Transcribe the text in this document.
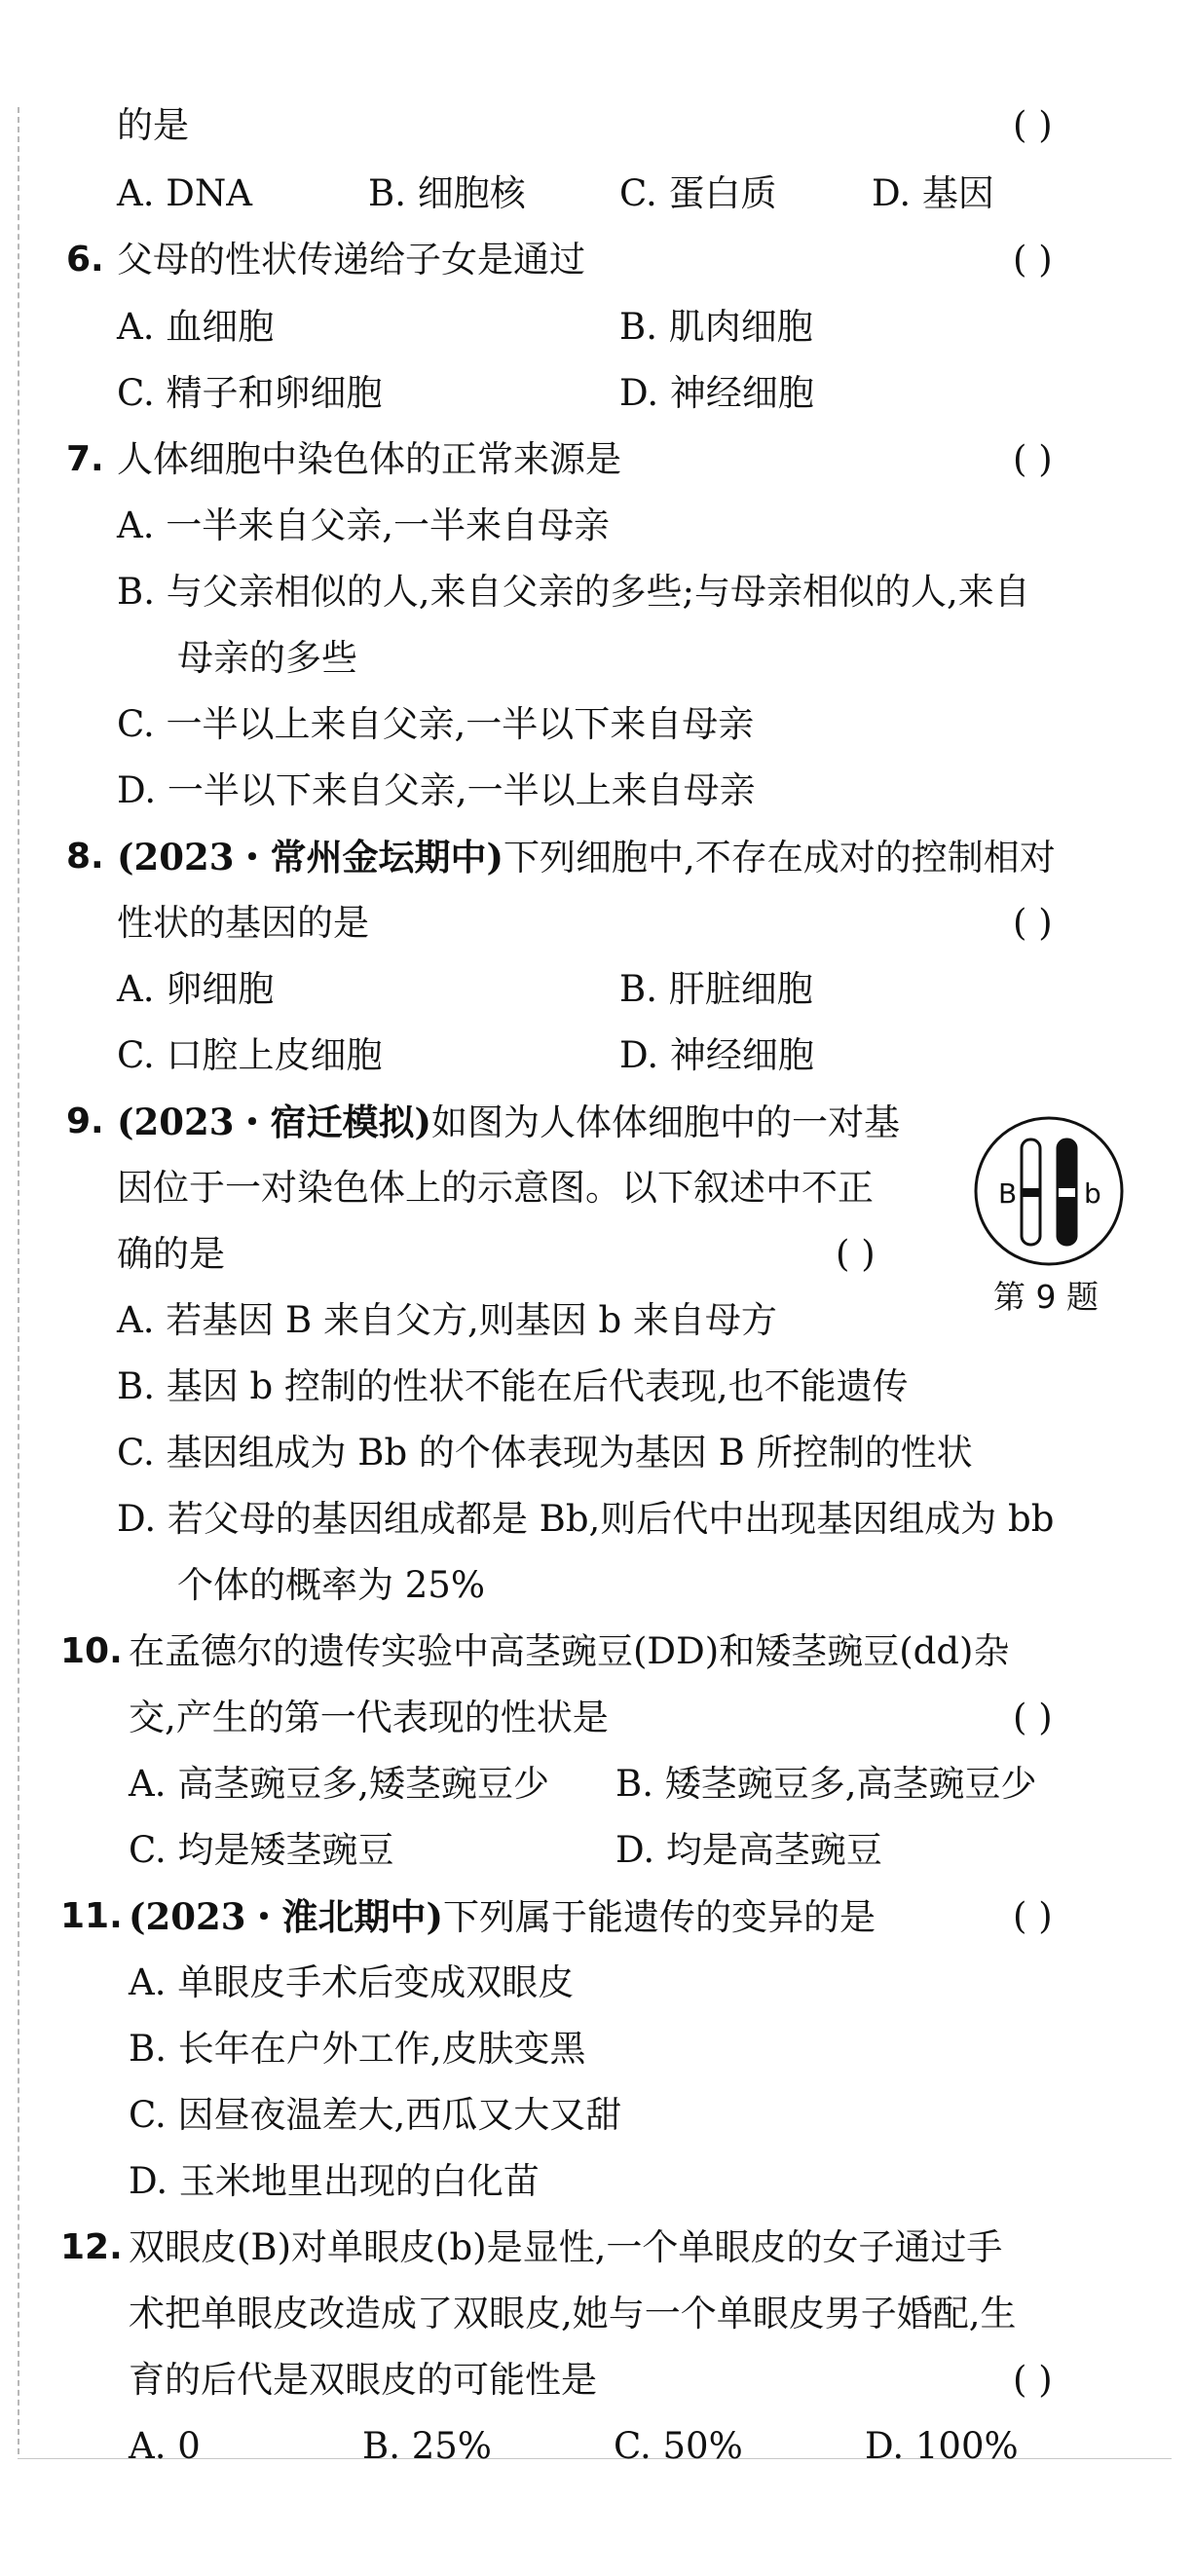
的是	( )
A. DNA	B. 细胞核	C. 蛋白质	D. 基因
6. 父母的性状传递给子女是通过	( )
A. 血细胞	B. 肌肉细胞
C. 精子和卵细胞	D. 神经细胞
7. 人体细胞中染色体的正常来源是	( )
A. 一半来自父亲,一半来自母亲
B. 与父亲相似的人,来自父亲的多些;与母亲相似的人,来自
母亲的多些
C. 一半以上来自父亲,一半以下来自母亲
D. 一半以下来自父亲,一半以上来自母亲
8. (2023・常州金坛期中)下列细胞中,不存在成对的控制相对
性状的基因的是	( )
A. 卵细胞	B. 肝脏细胞
C. 口腔上皮细胞	D. 神经细胞
9. (2023・宿迁模拟)如图为人体体细胞中的一对基
因位于一对染色体上的示意图。以下叙述中不正
确的是	( )
B b
第 9 题
A. 若基因 B 来自父方,则基因 b 来自母方
B. 基因 b 控制的性状不能在后代表现,也不能遗传
C. 基因组成为 Bb 的个体表现为基因 B 所控制的性状
D. 若父母的基因组成都是 Bb,则后代中出现基因组成为 bb
个体的概率为 25%
10. 在孟德尔的遗传实验中高茎豌豆(DD)和矮茎豌豆(dd)杂
交,产生的第一代表现的性状是	( )
A. 高茎豌豆多,矮茎豌豆少 B. 矮茎豌豆多,高茎豌豆少
C. 均是矮茎豌豆	D. 均是高茎豌豆
11. (2023・淮北期中)下列属于能遗传的变异的是	( )
A. 单眼皮手术后变成双眼皮
B. 长年在户外工作,皮肤变黑
C. 因昼夜温差大,西瓜又大又甜
D. 玉米地里出现的白化苗
12. 双眼皮(B)对单眼皮(b)是显性,一个单眼皮的女子通过手
术把单眼皮改造成了双眼皮,她与一个单眼皮男子婚配,生
育的后代是双眼皮的可能性是	( )
A. 0	B. 25%	C. 50%	D. 100%
